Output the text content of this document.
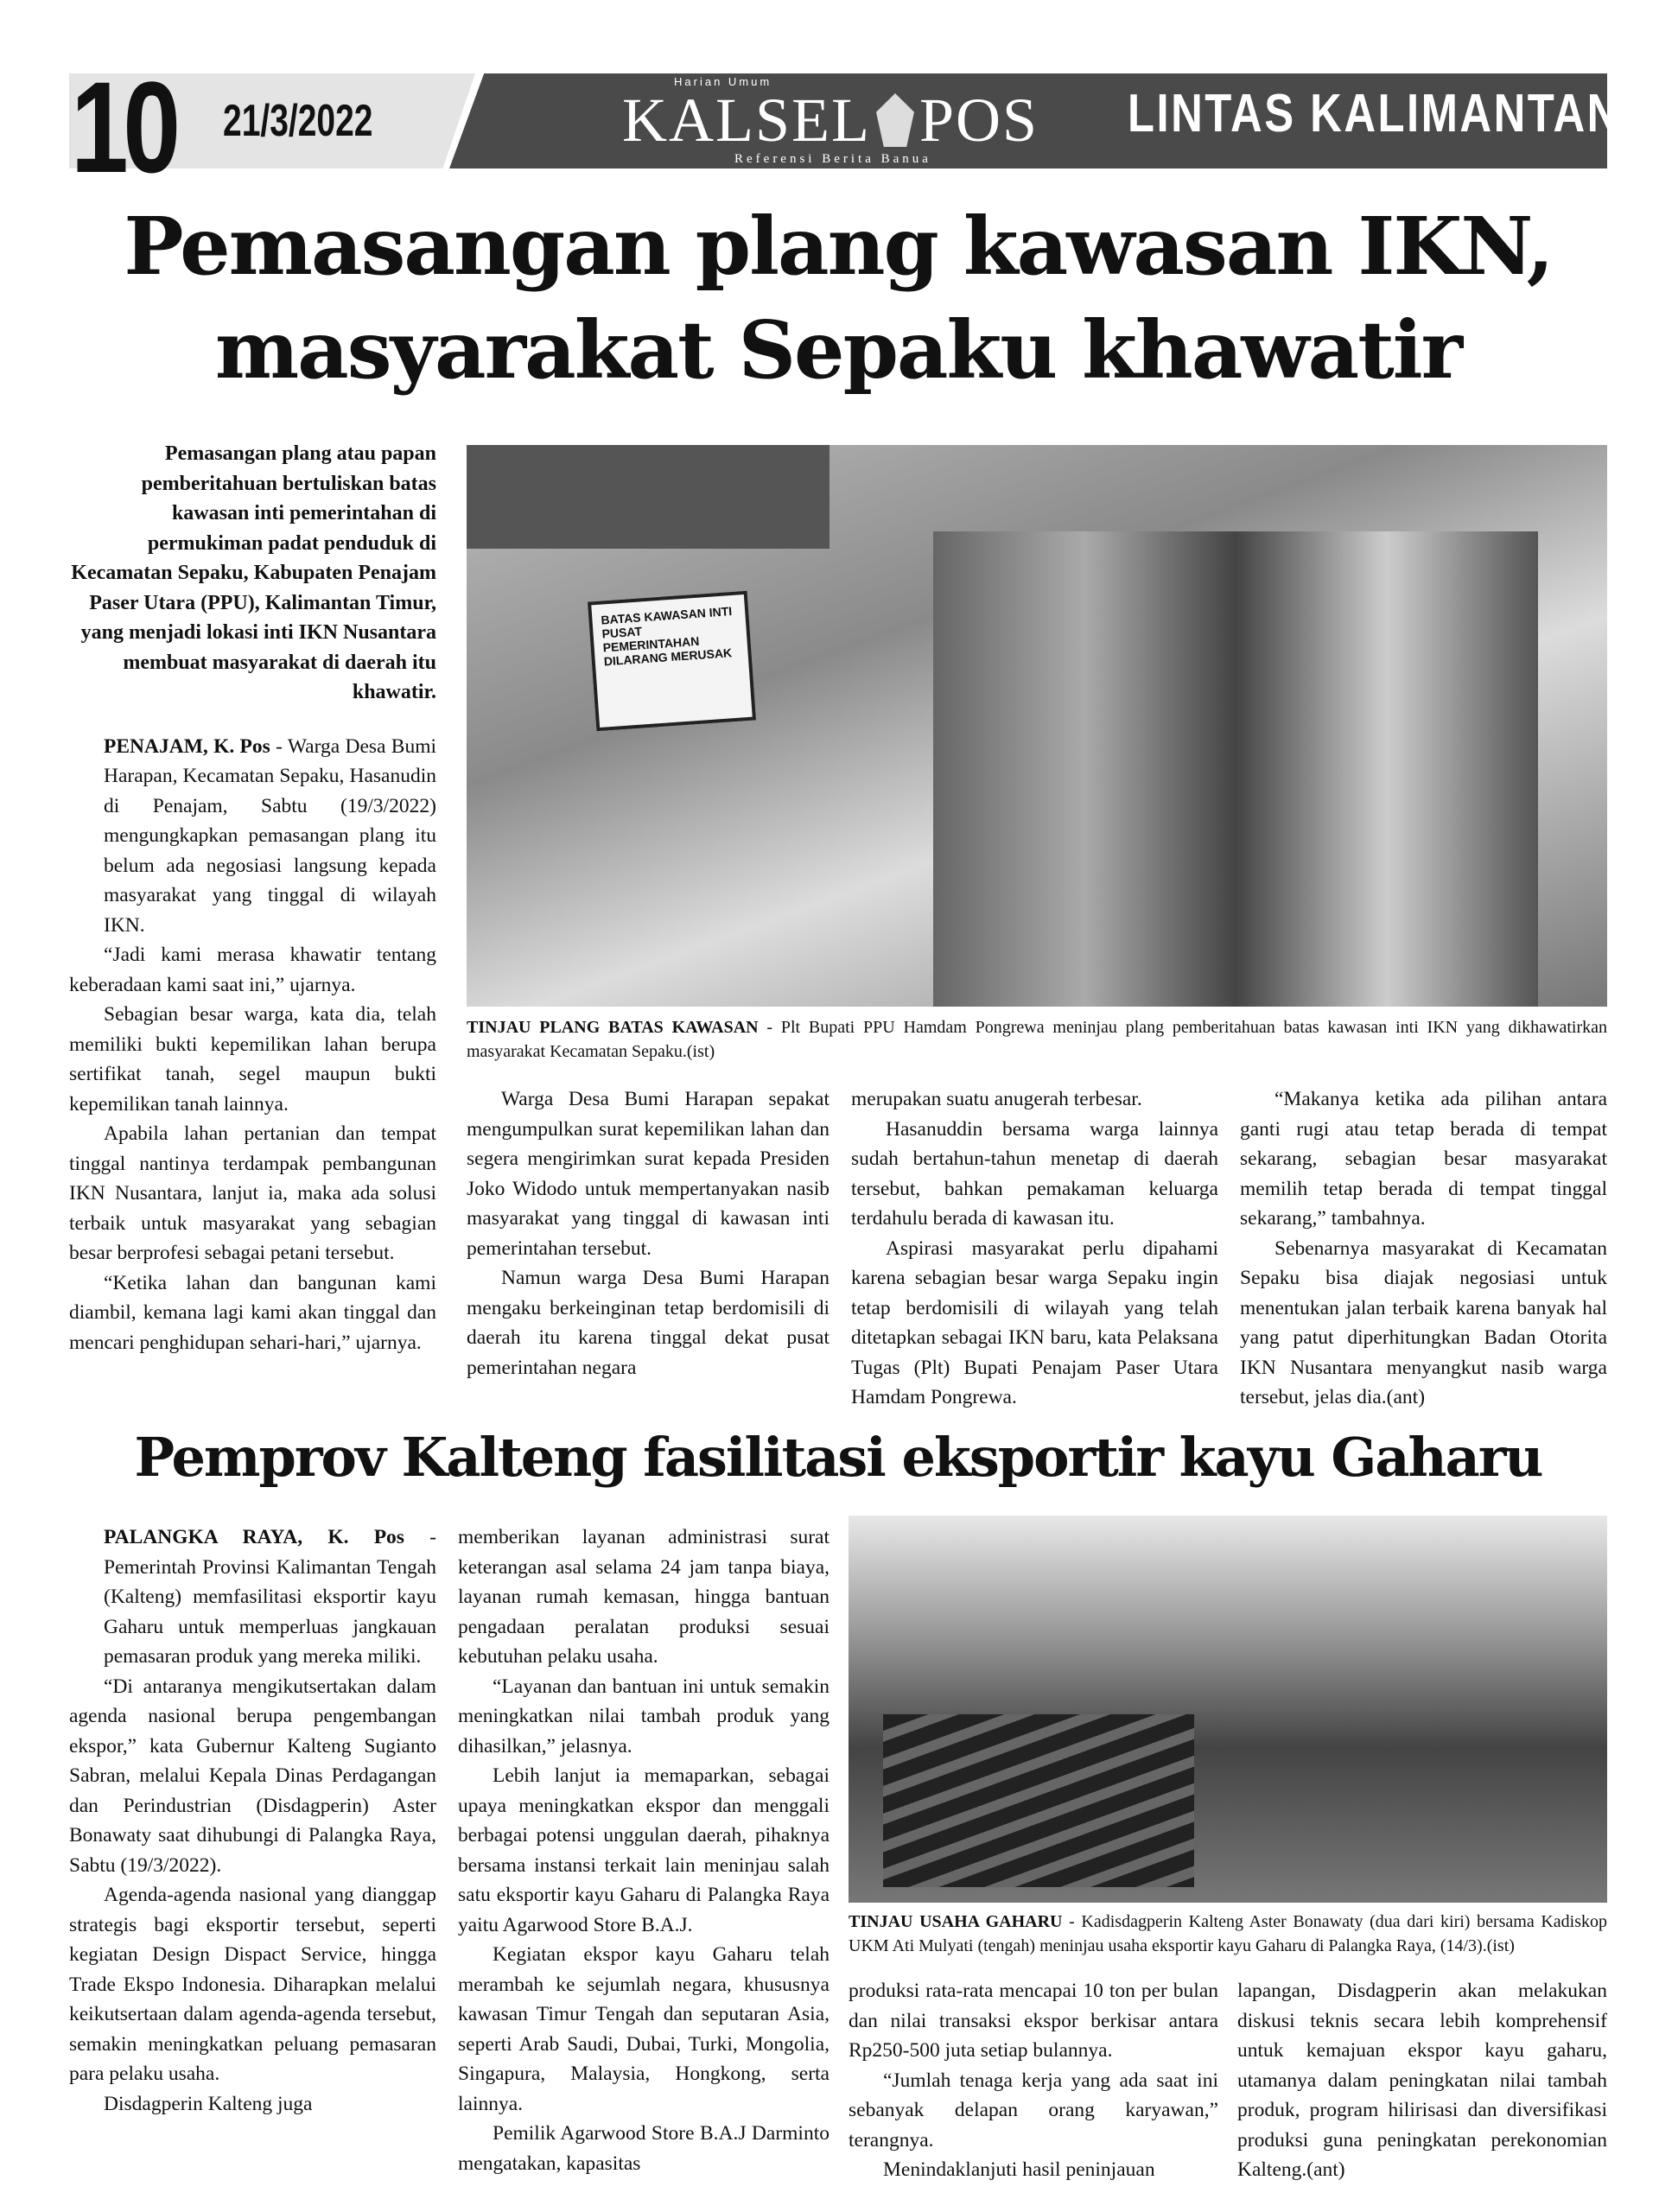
10 21/3/2022
Harian Umum
KALSEL POS
Referensi Berita Banua
LINTAS KALIMANTAN
Pemasangan plang kawasan IKN,
masyarakat Sepaku khawatir
Pemasangan plang atau papan pemberitahuan bertuliskan batas kawasan inti pemerintahan di permukiman padat penduduk di Kecamatan Sepaku, Kabupaten Penajam Paser Utara (PPU), Kalimantan Timur, yang menjadi lokasi inti IKN Nusantara membuat masyarakat di daerah itu khawatir.

PENAJAM, K. Pos - Warga Desa Bumi Harapan, Kecamatan Sepaku, Hasanudin di Penajam, Sabtu (19/3/2022) mengungkapkan pemasangan plang itu belum ada negosiasi langsung kepada masyarakat yang tinggal di wilayah IKN.

“Jadi kami merasa khawatir tentang keberadaan kami saat ini,” ujarnya.

Sebagian besar warga, kata dia, telah memiliki bukti kepemilikan lahan berupa sertifikat tanah, segel maupun bukti kepemilikan tanah lainnya.

Apabila lahan pertanian dan tempat tinggal nantinya terdampak pembangunan IKN Nusantara, lanjut ia, maka ada solusi terbaik untuk masyarakat yang sebagian besar berprofesi sebagai petani tersebut.

“Ketika lahan dan bangunan kami diambil, kemana lagi kami akan tinggal dan mencari penghidupan sehari-hari,” ujarnya.

BATAS KAWASAN INTI PUSAT PEMERINTAHAN DILARANG MERUSAK
TINJAU PLANG BATAS KAWASAN - Plt Bupati PPU Hamdam Pongrewa meninjau plang pemberitahuan batas kawasan inti IKN yang dikhawatirkan masyarakat Kecamatan Sepaku.(ist)

Warga Desa Bumi Harapan sepakat mengumpulkan surat kepemilikan lahan dan segera mengirimkan surat kepada Presiden Joko Widodo untuk mempertanyakan nasib masyarakat yang tinggal di kawasan inti pemerintahan tersebut.

Namun warga Desa Bumi Harapan mengaku berkeinginan tetap berdomisili di daerah itu karena tinggal dekat pusat pemerintahan negara

merupakan suatu anugerah terbesar.

Hasanuddin bersama warga lainnya sudah bertahun-tahun menetap di daerah tersebut, bahkan pemakaman keluarga terdahulu berada di kawasan itu.

Aspirasi masyarakat perlu dipahami karena sebagian besar warga Sepaku ingin tetap berdomisili di wilayah yang telah ditetapkan sebagai IKN baru, kata Pelaksana Tugas (Plt) Bupati Penajam Paser Utara Hamdam Pongrewa.

“Makanya ketika ada pilihan antara ganti rugi atau tetap berada di tempat sekarang, sebagian besar masyarakat memilih tetap berada di tempat tinggal sekarang,” tambahnya.

Sebenarnya masyarakat di Kecamatan Sepaku bisa diajak negosiasi untuk menentukan jalan terbaik karena banyak hal yang patut diperhitungkan Badan Otorita IKN Nusantara menyangkut nasib warga tersebut, jelas dia.(ant)

Pemprov Kalteng fasilitasi eksportir kayu Gaharu

PALANGKA RAYA, K. Pos - Pemerintah Provinsi Kalimantan Tengah (Kalteng) memfasilitasi eksportir kayu Gaharu untuk memperluas jangkauan pemasaran produk yang mereka miliki.

“Di antaranya mengikutsertakan dalam agenda nasional berupa pengembangan ekspor,” kata Gubernur Kalteng Sugianto Sabran, melalui Kepala Dinas Perdagangan dan Perindustrian (Disdagperin) Aster Bonawaty saat dihubungi di Palangka Raya, Sabtu (19/3/2022).

Agenda-agenda nasional yang dianggap strategis bagi eksportir tersebut, seperti kegiatan Design Dispact Service, hingga Trade Ekspo Indonesia. Diharapkan melalui keikutsertaan dalam agenda-agenda tersebut, semakin meningkatkan peluang pemasaran para pelaku usaha.

Disdagperin Kalteng juga

memberikan layanan administrasi surat keterangan asal selama 24 jam tanpa biaya, layanan rumah kemasan, hingga bantuan pengadaan peralatan produksi sesuai kebutuhan pelaku usaha.

“Layanan dan bantuan ini untuk semakin meningkatkan nilai tambah produk yang dihasilkan,” jelasnya.

Lebih lanjut ia memaparkan, sebagai upaya meningkatkan ekspor dan menggali berbagai potensi unggulan daerah, pihaknya bersama instansi terkait lain meninjau salah satu eksportir kayu Gaharu di Palangka Raya yaitu Agarwood Store B.A.J.

Kegiatan ekspor kayu Gaharu telah merambah ke sejumlah negara, khususnya kawasan Timur Tengah dan seputaran Asia, seperti Arab Saudi, Dubai, Turki, Mongolia, Singapura, Malaysia, Hongkong, serta lainnya.

Pemilik Agarwood Store B.A.J Darminto mengatakan, kapasitas

TINJAU USAHA GAHARU - Kadisdagperin Kalteng Aster Bonawaty (dua dari kiri) bersama Kadiskop UKM Ati Mulyati (tengah) meninjau usaha eksportir kayu Gaharu di Palangka Raya, (14/3).(ist)

produksi rata-rata mencapai 10 ton per bulan dan nilai transaksi ekspor berkisar antara Rp250-500 juta setiap bulannya.

“Jumlah tenaga kerja yang ada saat ini sebanyak delapan orang karyawan,” terangnya.

Menindaklanjuti hasil peninjauan

lapangan, Disdagperin akan melakukan diskusi teknis secara lebih komprehensif untuk kemajuan ekspor kayu gaharu, utamanya dalam peningkatan nilai tambah produk, program hilirisasi dan diversifikasi produksi guna peningkatan perekonomian Kalteng.(ant)
